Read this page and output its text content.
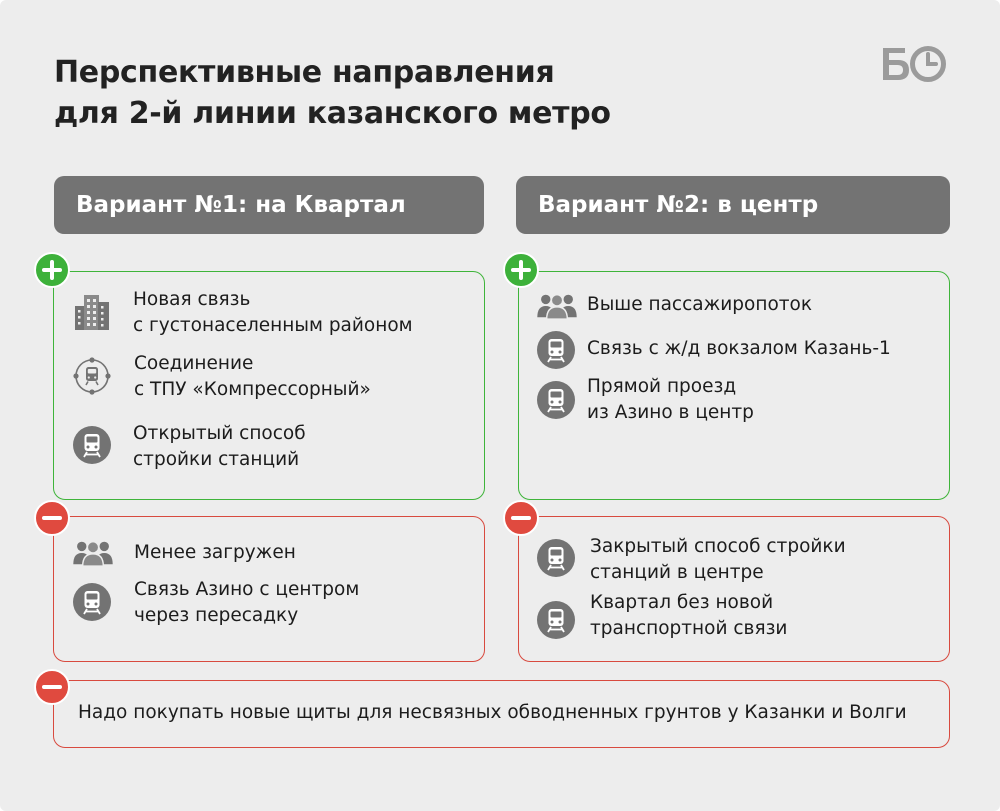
Перспективные направления
для 2-й линии казанского метро
Вариант №1: на Квартал	Вариант №2: в центр
Новая связь
с густонаселенным районом
Соединение
с ТПУ «Компрессорный»
Открытый способ
стройки станций
Выше пассажиропоток
Связь с ж/д вокзалом Казань-1
Прямой проезд
из Азино в центр
Менее загружен
Связь Азино с центром
через пересадку
Закрытый способ стройки
станций в центре
Квартал без новой
транспортной связи
Надо покупать новые щиты для несвязных обводненных грунтов у Казанки и Волги
